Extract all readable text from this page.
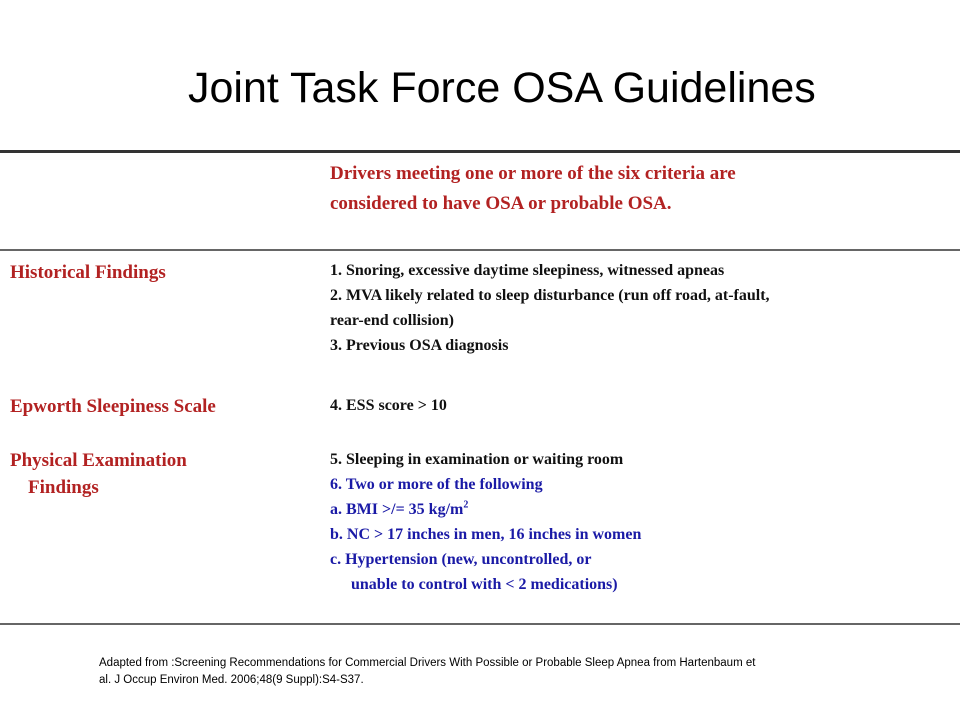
Joint Task Force OSA Guidelines
Drivers meeting one or more of the six criteria are
considered to have OSA or probable OSA.
Historical Findings	1. Snoring, excessive daytime sleepiness, witnessed apneas
2. MVA likely related to sleep disturbance (run off road, at-fault,
rear-end collision)
3. Previous OSA diagnosis
Epworth Sleepiness Scale	4. ESS score > 10
Physical Examination
Findings
5. Sleeping in examination or waiting room
6. Two or more of the following
a. BMI >/= 35 $kg/m^2$
b. NC > 17 inches in men, 16 inches in women
c. Hypertension (new, uncontrolled, or
unable to control with < 2 medications)
Adapted from :Screening Recommendations for Commercial Drivers With Possible or Probable Sleep Apnea from Hartenbaum et
al. J Occup Environ Med. 2006;48(9 Suppl):S4-S37.
